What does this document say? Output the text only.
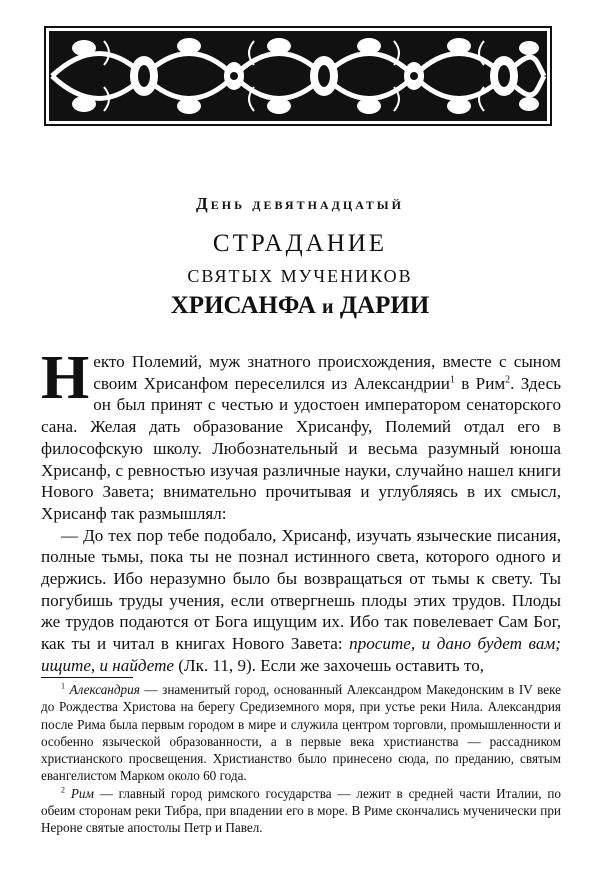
День девятнадцатый
СТРАДАНИЕ
СВЯТЫХ МУЧЕНИКОВ
ХРИСАНФА и ДАРИИ

Некто Полемий, муж знатного происхождения, вместе с сыном своим Хрисанфом переселился из Александрии$^1$ в Рим$^2$. Здесь он был принят с честью и удостоен императором сенаторского сана. Желая дать образование Хрисанфу, Полемий отдал его в философскую школу. Любознательный и весьма разумный юноша Хрисанф, с ревностью изучая различные науки, случайно нашел книги Нового Завета; внимательно прочитывая и углубляясь в их смысл, Хрисанф так размышлял:

— До тех пор тебе подобало, Хрисанф, изучать языческие писания, полные тьмы, пока ты не познал истинного света, которого одного и держись. Ибо неразумно было бы возвращаться от тьмы к свету. Ты погубишь труды учения, если отвергнешь плоды этих трудов. Плоды же трудов подаются от Бога ищущим их. Ибо так повелевает Сам Бог, как ты и читал в книгах Нового Завета: просите, и дано будет вам; ищите, и найдете (Лк. 11, 9). Если же захочешь оставить то,

$^1$ Александрия — знаменитый город, основанный Александром Македонским в IV веке до Рождества Христова на берегу Средиземного моря, при устье реки Нила. Александрия после Рима была первым городом в мире и служила центром торговли, промышленности и особенно языческой образованности, а в первые века христианства — рассадником христианского просвещения. Христианство было принесено сюда, по преданию, святым евангелистом Марком около 60 года.

$^2$ Рим — главный город римского государства — лежит в средней части Италии, по обеим сторонам реки Тибра, при впадении его в море. В Риме скончались мученически при Нероне святые апостолы Петр и Павел.
